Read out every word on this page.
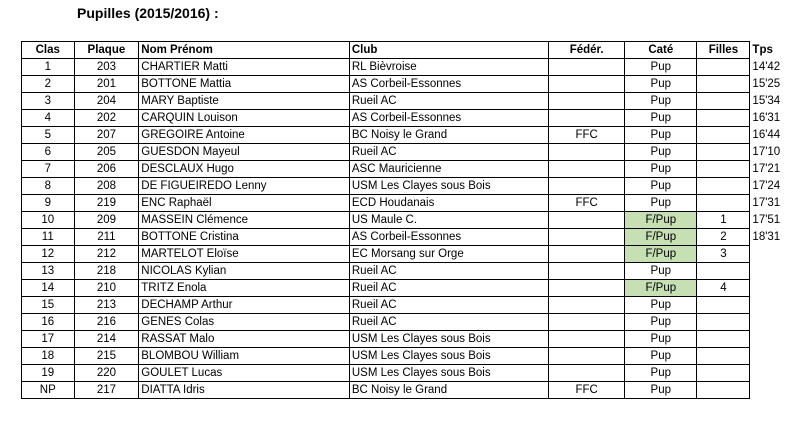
Pupilles (2015/2016) :
Clas	Plaque	Nom Prénom	Club	Fédér.	Caté	Filles	Tps
1	203	CHARTIER Matti	RL Bièvroise		Pup		14'42
2	201	BOTTONE Mattia	AS Corbeil-Essonnes		Pup		15'25
3	204	MARY Baptiste	Rueil AC		Pup		15'34
4	202	CARQUIN Louison	AS Corbeil-Essonnes		Pup		16'31
5	207	GREGOIRE Antoine	BC Noisy le Grand	FFC	Pup		16'44
6	205	GUESDON Mayeul	Rueil AC		Pup		17'10
7	206	DESCLAUX Hugo	ASC Mauricienne		Pup		17'21
8	208	DE FIGUEIREDO Lenny	USM Les Clayes sous Bois		Pup		17'24
9	219	ENC Raphaël	ECD Houdanais	FFC	Pup		17'31
10	209	MASSEIN Clémence	US Maule C.		F/Pup	1	17'51
11	211	BOTTONE Cristina	AS Corbeil-Essonnes		F/Pup	2	18'31
12	212	MARTELOT Eloïse	EC Morsang sur Orge		F/Pup	3	
13	218	NICOLAS Kylian	Rueil AC		Pup		
14	210	TRITZ Enola	Rueil AC		F/Pup	4	
15	213	DECHAMP Arthur	Rueil AC		Pup		
16	216	GENES Colas	Rueil AC		Pup		
17	214	RASSAT Malo	USM Les Clayes sous Bois		Pup		
18	215	BLOMBOU William	USM Les Clayes sous Bois		Pup		
19	220	GOULET Lucas	USM Les Clayes sous Bois		Pup		
NP	217	DIATTA Idris	BC Noisy le Grand	FFC	Pup		
